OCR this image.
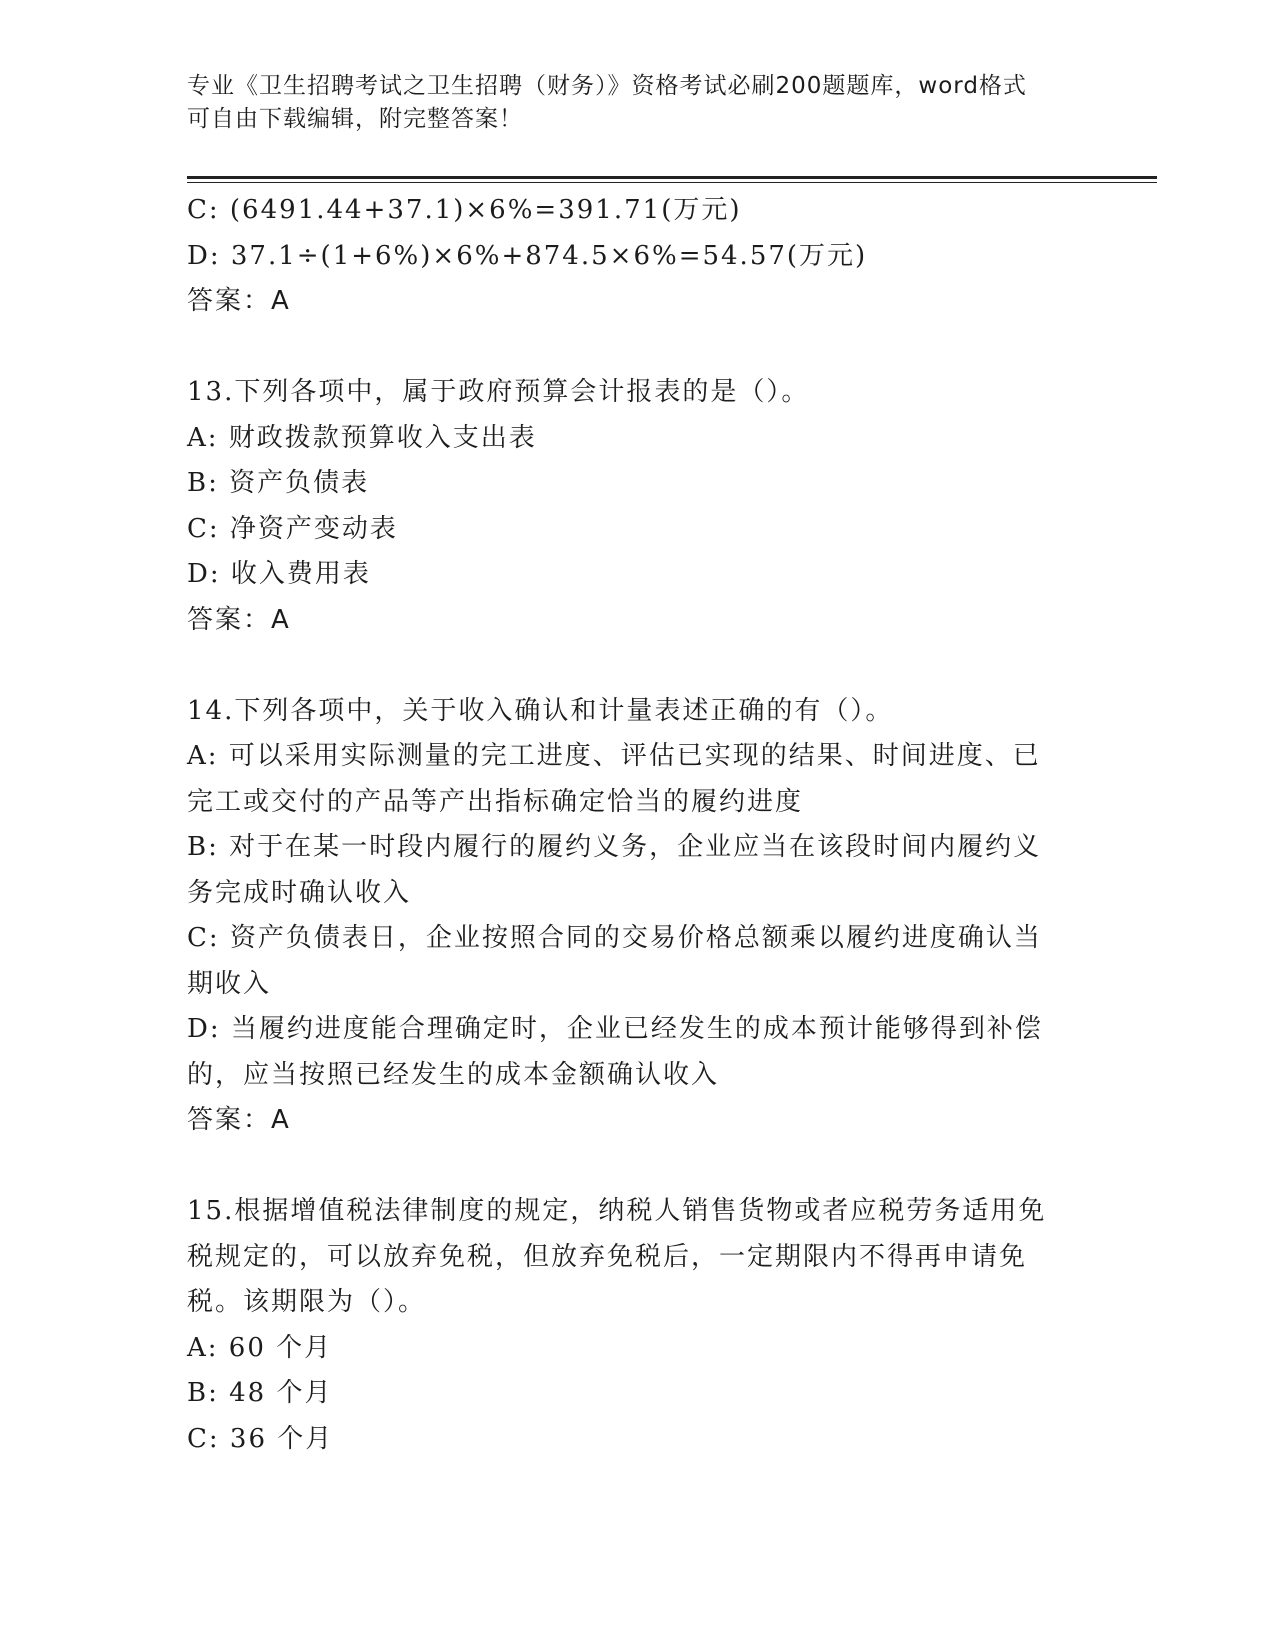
专业《卫生招聘考试之卫生招聘（财务）》资格考试必刷200题题库，word格式
可自由下载编辑，附完整答案！
C: (6491.44+37.1)×6%=391.71(万元)
D: 37.1÷(1+6%)×6%+874.5×6%=54.57(万元)
答案：A
13.下列各项中，属于政府预算会计报表的是（）。
A: 财政拨款预算收入支出表
B: 资产负债表
C: 净资产变动表
D: 收入费用表
答案：A
14.下列各项中，关于收入确认和计量表述正确的有（）。
A: 可以采用实际测量的完工进度、评估已实现的结果、时间进度、已
完工或交付的产品等产出指标确定恰当的履约进度
B: 对于在某一时段内履行的履约义务，企业应当在该段时间内履约义
务完成时确认收入
C: 资产负债表日，企业按照合同的交易价格总额乘以履约进度确认当
期收入
D: 当履约进度能合理确定时，企业已经发生的成本预计能够得到补偿
的，应当按照已经发生的成本金额确认收入
答案：A
15.根据增值税法律制度的规定，纳税人销售货物或者应税劳务适用免
税规定的，可以放弃免税，但放弃免税后，一定期限内不得再申请免
税。该期限为（）。
A: 60 个月
B: 48 个月
C: 36 个月
